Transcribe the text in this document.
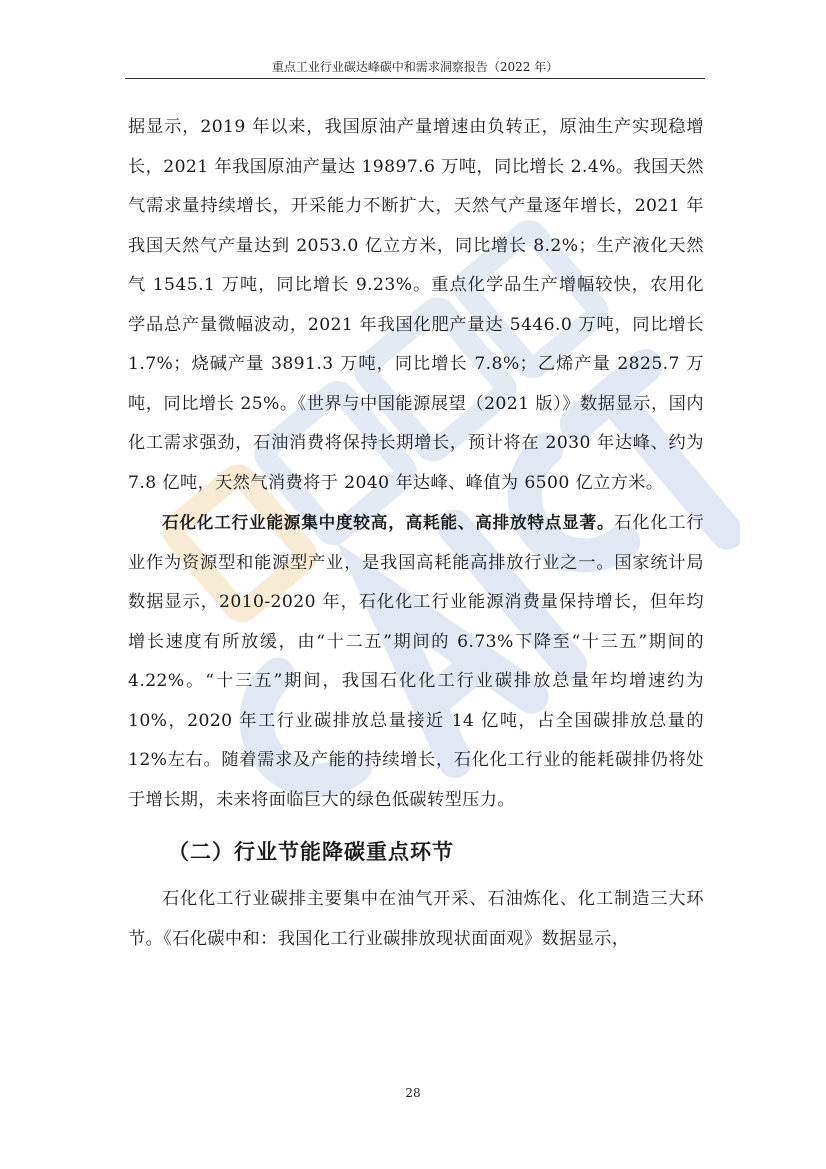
重点工业行业碳达峰碳中和需求洞察报告（2022 年）

据显示，2019 年以来，我国原油产量增速由负转正，原油生产实现稳增长，2021 年我国原油产量达 19897.6 万吨，同比增长 2.4%。我国天然气需求量持续增长，开采能力不断扩大，天然气产量逐年增长，2021 年我国天然气产量达到 2053.0 亿立方米，同比增长 8.2%；生产液化天然气 1545.1 万吨，同比增长 9.23%。重点化学品生产增幅较快，农用化学品总产量微幅波动，2021 年我国化肥产量达 5446.0 万吨，同比增长 1.7%；烧碱产量 3891.3 万吨，同比增长 7.8%；乙烯产量 2825.7 万吨，同比增长 25%。《世界与中国能源展望（2021 版）》数据显示，国内化工需求强劲，石油消费将保持长期增长，预计将在 2030 年达峰、约为 7.8 亿吨，天然气消费将于 2040 年达峰、峰值为 6500 亿立方米。

石化化工行业能源集中度较高，高耗能、高排放特点显著。石化化工行业作为资源型和能源型产业，是我国高耗能高排放行业之一。国家统计局数据显示，2010-2020 年，石化化工行业能源消费量保持增长，但年均增长速度有所放缓，由“十二五”期间的 6.73%下降至“十三五”期间的 4.22%。“十三五”期间，我国石化化工行业碳排放总量年均增速约为 10%，2020 年工行业碳排放总量接近 14 亿吨，占全国碳排放总量的 12%左右。随着需求及产能的持续增长，石化化工行业的能耗碳排仍将处于增长期，未来将面临巨大的绿色低碳转型压力。

（二）行业节能降碳重点环节

石化化工行业碳排主要集中在油气开采、石油炼化、化工制造三大环节。《石化碳中和：我国化工行业碳排放现状面面观》数据显示，

28
